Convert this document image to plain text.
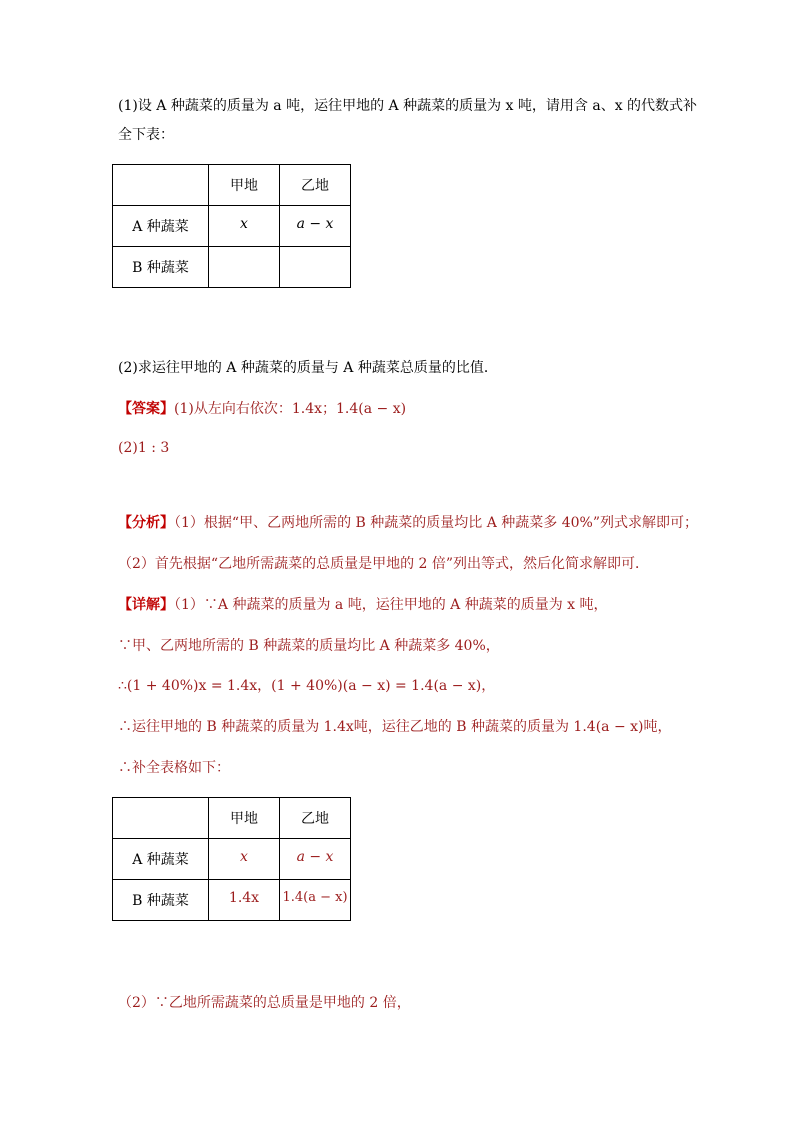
(1)设 A 种蔬菜的质量为 a 吨，运往甲地的 A 种蔬菜的质量为 x 吨，请用含 a、x 的代数式补
全下表：
	甲地	乙地
A 种蔬菜	x	a − x
B 种蔬菜		
(2)求运往甲地的 A 种蔬菜的质量与 A 种蔬菜总质量的比值．
【答案】(1)从左向右依次：1.4x；1.4(a − x)
(2)1 : 3
【分析】（1）根据“甲、乙两地所需的 B 种蔬菜的质量均比 A 种蔬菜多 40%”列式求解即可；
（2）首先根据“乙地所需蔬菜的总质量是甲地的 2 倍”列出等式，然后化简求解即可．
【详解】（1）∵A 种蔬菜的质量为 a 吨，运往甲地的 A 种蔬菜的质量为 x 吨，
∵甲、乙两地所需的 B 种蔬菜的质量均比 A 种蔬菜多 40%，
∴(1 + 40%)x = 1.4x，(1 + 40%)(a − x) = 1.4(a − x)，
∴运往甲地的 B 种蔬菜的质量为 1.4x吨，运往乙地的 B 种蔬菜的质量为 1.4(a − x)吨，
∴补全表格如下：
	甲地	乙地
A 种蔬菜	x	a − x
B 种蔬菜	1.4x	1.4(a − x)
（2）∵乙地所需蔬菜的总质量是甲地的 2 倍，
